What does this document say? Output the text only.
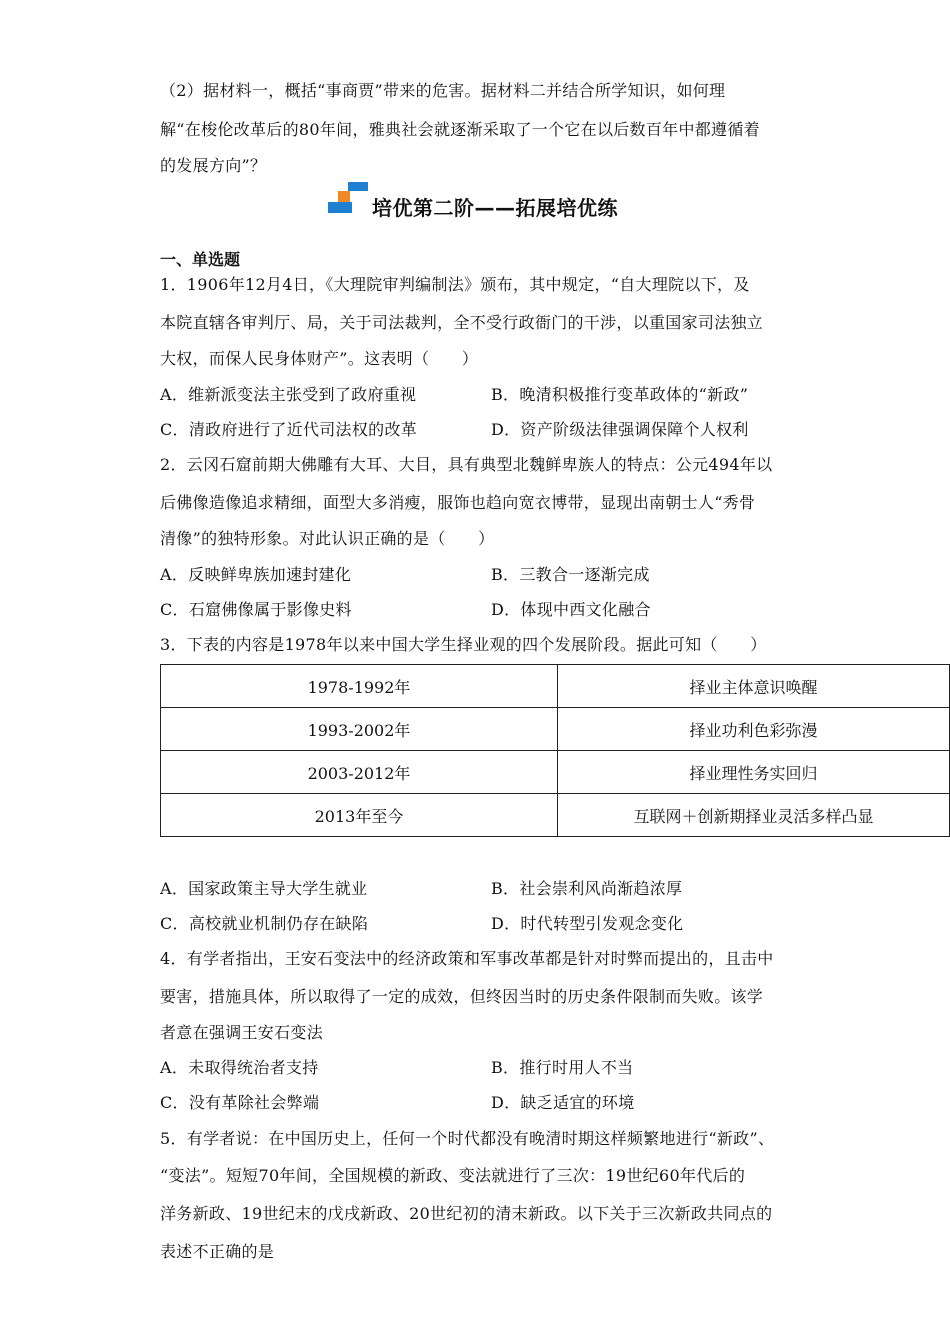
（2）据材料一，概括“事商贾”带来的危害。据材料二并结合所学知识，如何理
解“在梭伦改革后的80年间，雅典社会就逐渐采取了一个它在以后数百年中都遵循着
的发展方向”？
培优第二阶——拓展培优练
一、单选题
1．1906年12月4日，《大理院审判编制法》颁布，其中规定，“自大理院以下，及
本院直辖各审判厅、局，关于司法裁判，全不受行政衙门的干涉，以重国家司法独立
大权，而保人民身体财产”。这表明（　　）
A．维新派变法主张受到了政府重视	B．晚清积极推行变革政体的“新政”
C．清政府进行了近代司法权的改革	D．资产阶级法律强调保障个人权利
2．云冈石窟前期大佛雕有大耳、大目，具有典型北魏鲜卑族人的特点：公元494年以
后佛像造像追求精细，面型大多消瘦，服饰也趋向宽衣博带，显现出南朝士人“秀骨
清像”的独特形象。对此认识正确的是（　　）
A．反映鲜卑族加速封建化	B．三教合一逐渐完成
C．石窟佛像属于影像史料	D．体现中西文化融合
3．下表的内容是1978年以来中国大学生择业观的四个发展阶段。据此可知（　　）
1978-1992年	择业主体意识唤醒
1993-2002年	择业功利色彩弥漫
2003-2012年	择业理性务实回归
2013年至今	互联网＋创新期择业灵活多样凸显
A．国家政策主导大学生就业	B．社会崇利风尚渐趋浓厚
C．高校就业机制仍存在缺陷	D．时代转型引发观念变化
4．有学者指出，王安石变法中的经济政策和军事改革都是针对时弊而提出的，且击中
要害，措施具体，所以取得了一定的成效，但终因当时的历史条件限制而失败。该学
者意在强调王安石变法
A．未取得统治者支持	B．推行时用人不当
C．没有革除社会弊端	D．缺乏适宜的环境
5．有学者说：在中国历史上，任何一个时代都没有晚清时期这样频繁地进行“新政”、
“变法”。短短70年间，全国规模的新政、变法就进行了三次：19世纪60年代后的
洋务新政、19世纪末的戊戌新政、20世纪初的清末新政。以下关于三次新政共同点的
表述不正确的是
